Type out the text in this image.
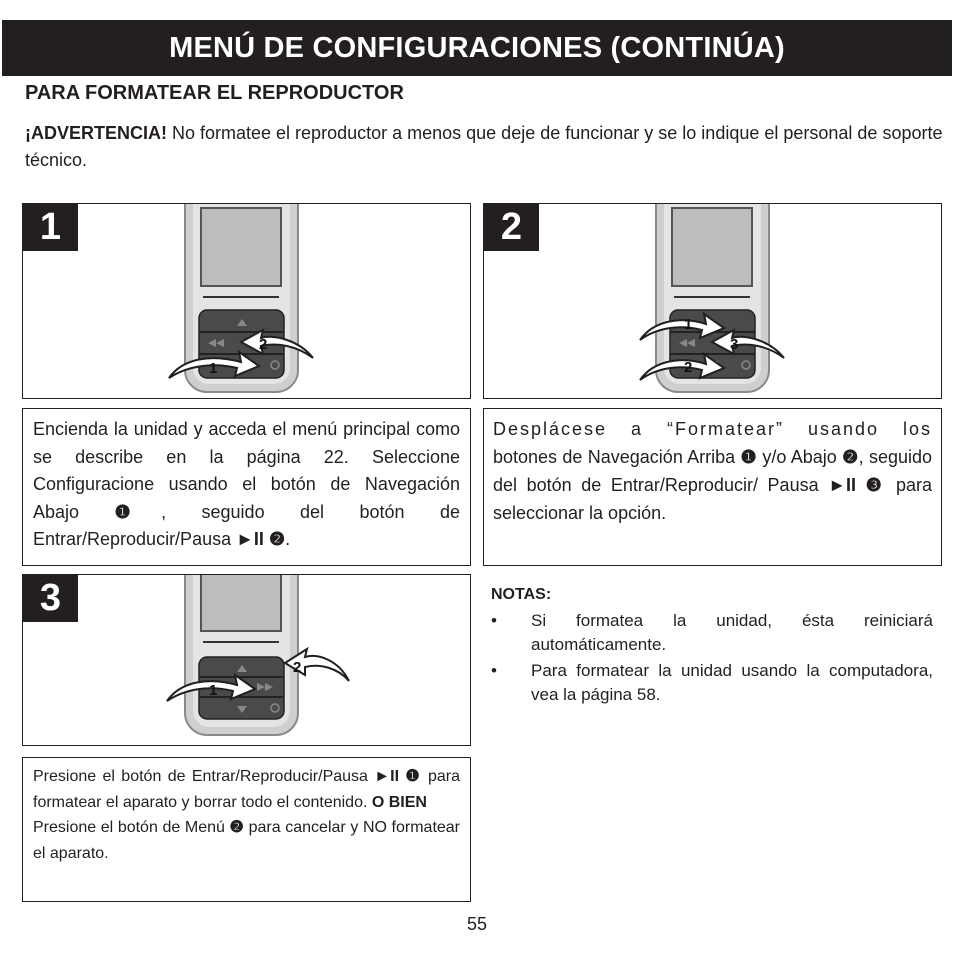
MENÚ DE CONFIGURACIONES (CONTINÚA)
PARA FORMATEAR EL REPRODUCTOR
¡ADVERTENCIA! No formatee el reproductor a menos que deje de funcionar y se lo indique el personal de soporte técnico.
1
1
2
2
1
2
3
Encienda la unidad y acceda el menú principal como se describe en la página 22. Seleccione Configuracione usando el botón de Navegación Abajo ❶, seguido del botón de Entrar/Reproducir/Pausa ►II ❷.
Desplácese a “Formatear” usando los botones de Navegación Arriba ❶ y/o Abajo ❷, seguido del botón de Entrar/Reproducir/ Pausa ►II ❸ para seleccionar la opción.
3
1
2
NOTAS:
• Si formatea la unidad, ésta reiniciará automáticamente.
• Para formatear la unidad usando la computadora, vea la página 58.
Presione el botón de Entrar/Reproducir/Pausa ►II ❶ para formatear el aparato y borrar todo el contenido. O BIEN
Presione el botón de Menú ❷ para cancelar y NO formatear el aparato.
55
